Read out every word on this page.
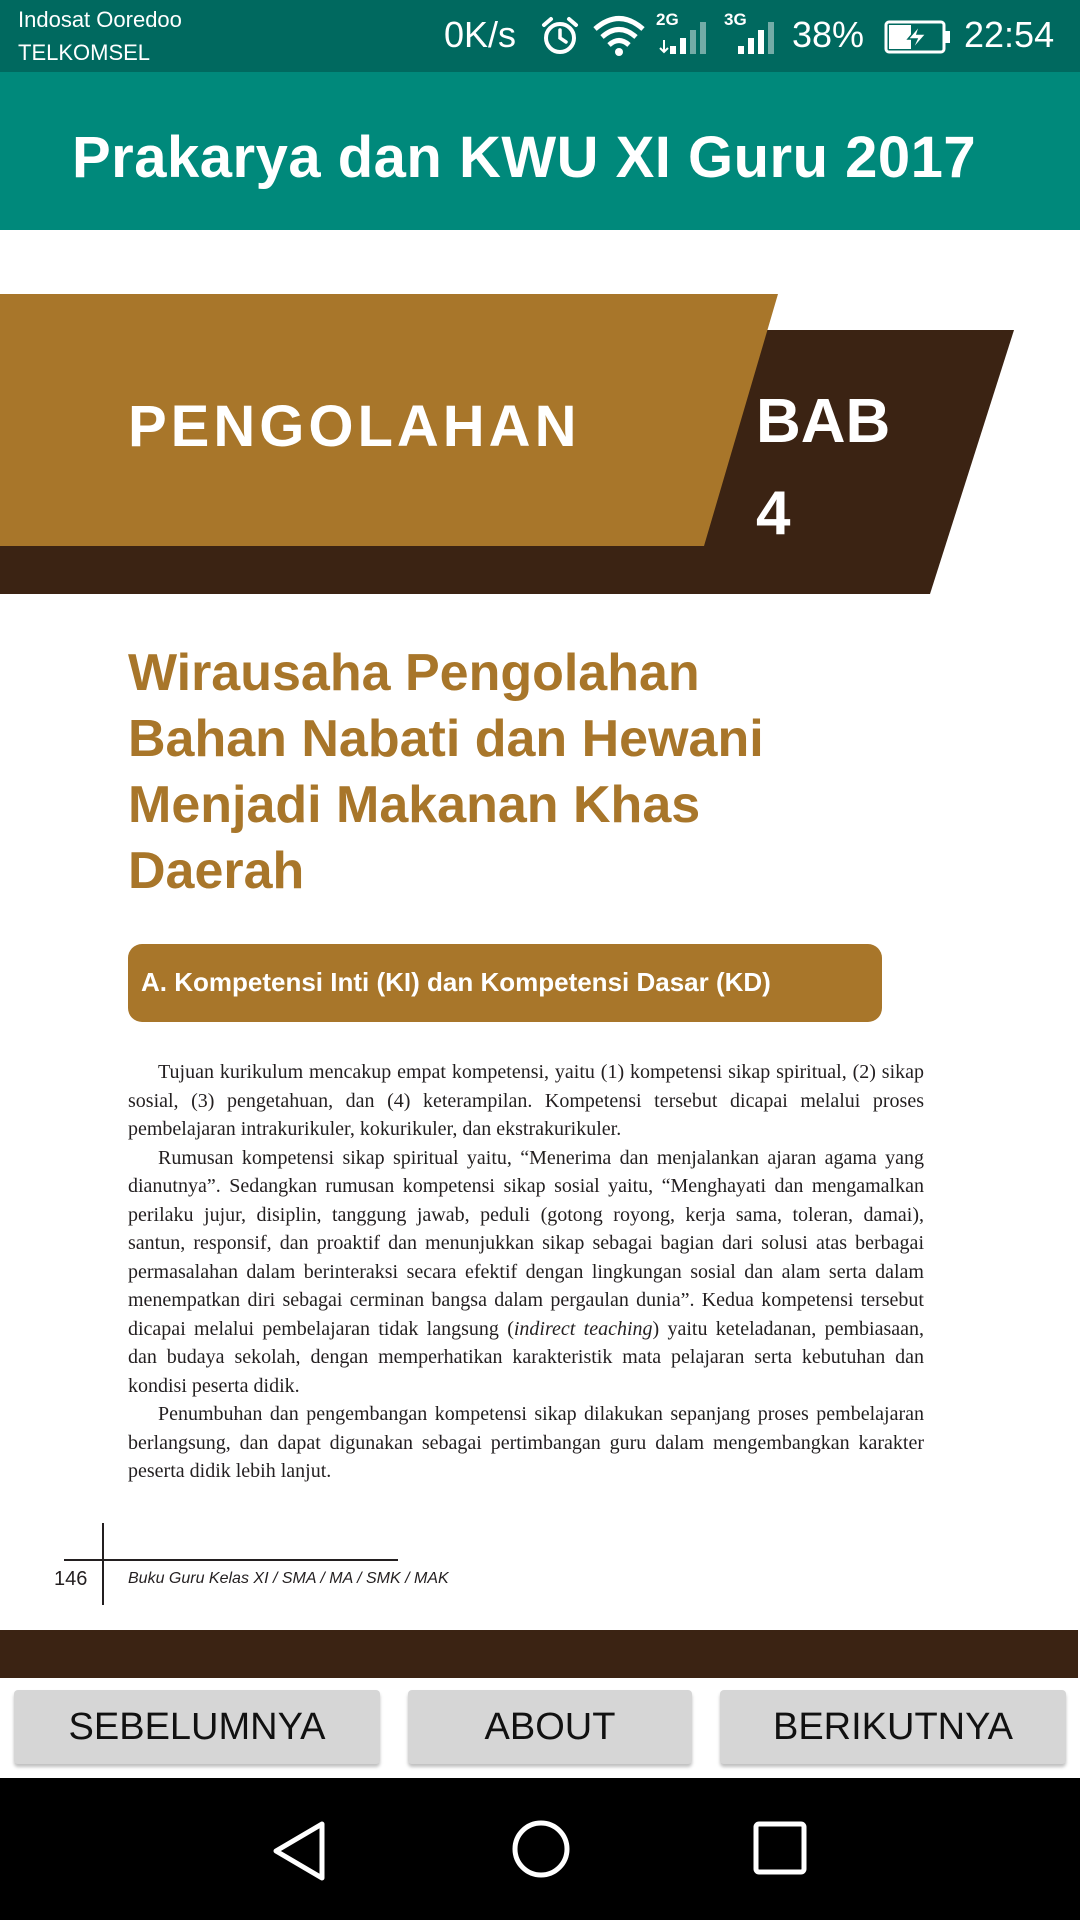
Indosat Ooredoo
TELKOMSEL	0K/s	2G	3G 38%	22:54
Prakarya dan KWU XI Guru 2017
PENGOLAHAN	BAB
4
Wirausaha Pengolahan
Bahan Nabati dan Hewani
Menjadi Makanan Khas
Daerah
A. Kompetensi Inti (KI) dan Kompetensi Dasar (KD)

Tujuan kurikulum mencakup empat kompetensi, yaitu (1) kompetensi sikap spiritual, (2) sikap sosial, (3) pengetahuan, dan (4) keterampilan. Kompetensi tersebut dicapai melalui proses pembelajaran intrakurikuler, kokurikuler, dan ekstrakurikuler.

Rumusan kompetensi sikap spiritual yaitu, “Menerima dan menjalankan ajaran agama yang dianutnya”. Sedangkan rumusan kompetensi sikap sosial yaitu, “Menghayati dan mengamalkan perilaku jujur, disiplin, tanggung jawab, peduli (gotong royong, kerja sama, toleran, damai), santun, responsif, dan proaktif dan menunjukkan sikap sebagai bagian dari solusi atas berbagai permasalahan dalam berinteraksi secara efektif dengan lingkungan sosial dan alam serta dalam menempatkan diri sebagai cerminan bangsa dalam pergaulan dunia”. Kedua kompetensi tersebut dicapai melalui pembelajaran tidak langsung (indirect teaching) yaitu keteladanan, pembiasaan, dan budaya sekolah, dengan memperhatikan karakteristik mata pelajaran serta kebutuhan dan kondisi peserta didik.

Penumbuhan dan pengembangan kompetensi sikap dilakukan sepanjang proses pembelajaran berlangsung, dan dapat digunakan sebagai pertimbangan guru dalam mengembangkan karakter peserta didik lebih lanjut.

146	Buku Guru Kelas XI / SMA / MA / SMK / MAK
SEBELUMNYA	ABOUT	BERIKUTNYA
